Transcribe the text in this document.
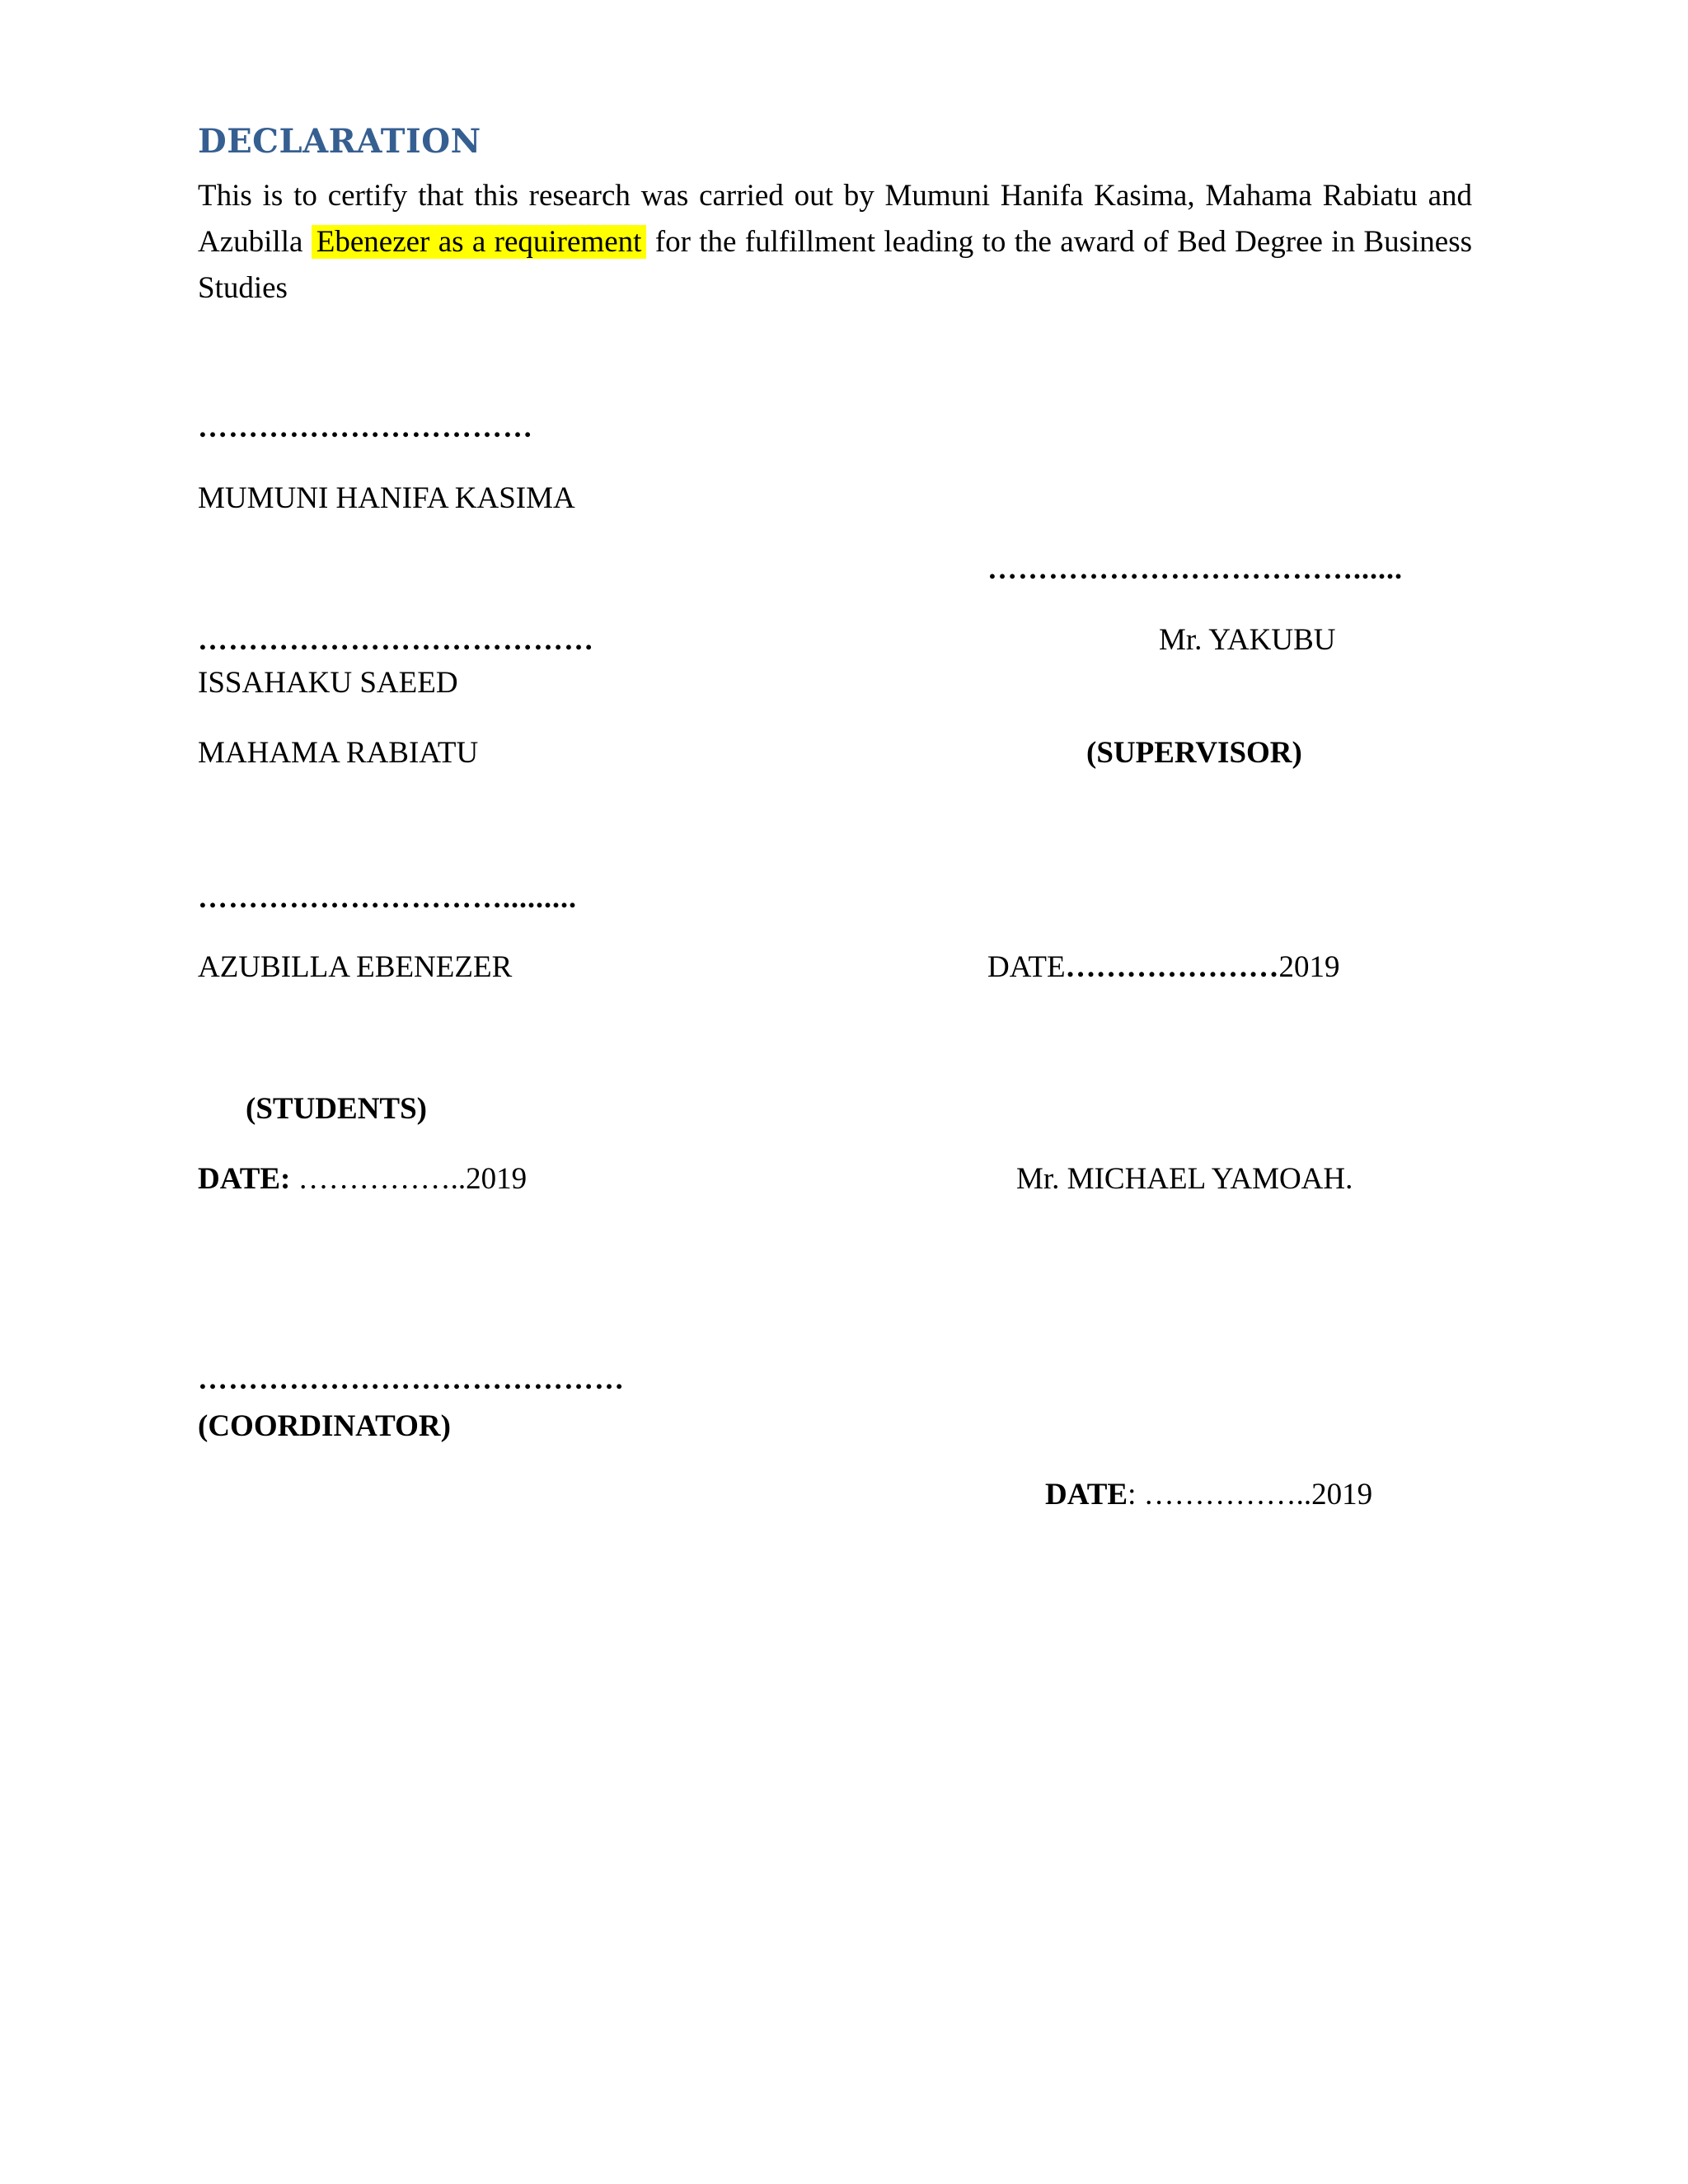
DECLARATION
This is to certify that this research was carried out by Mumuni Hanifa Kasima, Mahama Rabiatu and Azubilla Ebenezer as a requirement for the fulfillment leading to the award of Bed Degree in Business Studies
……………………………
MUMUNI HANIFA KASIMA
…………………………………
ISSAHAKU SAEED
MAHAMA RABIATU
………………………….........
AZUBILLA EBENEZER
(STUDENTS)
DATE: ……………..2019
………………………………......
Mr. YAKUBU
(SUPERVISOR)
DATE…………………2019
Mr. MICHAEL YAMOAH.
……………………………………
(COORDINATOR)
DATE: ……………..2019
